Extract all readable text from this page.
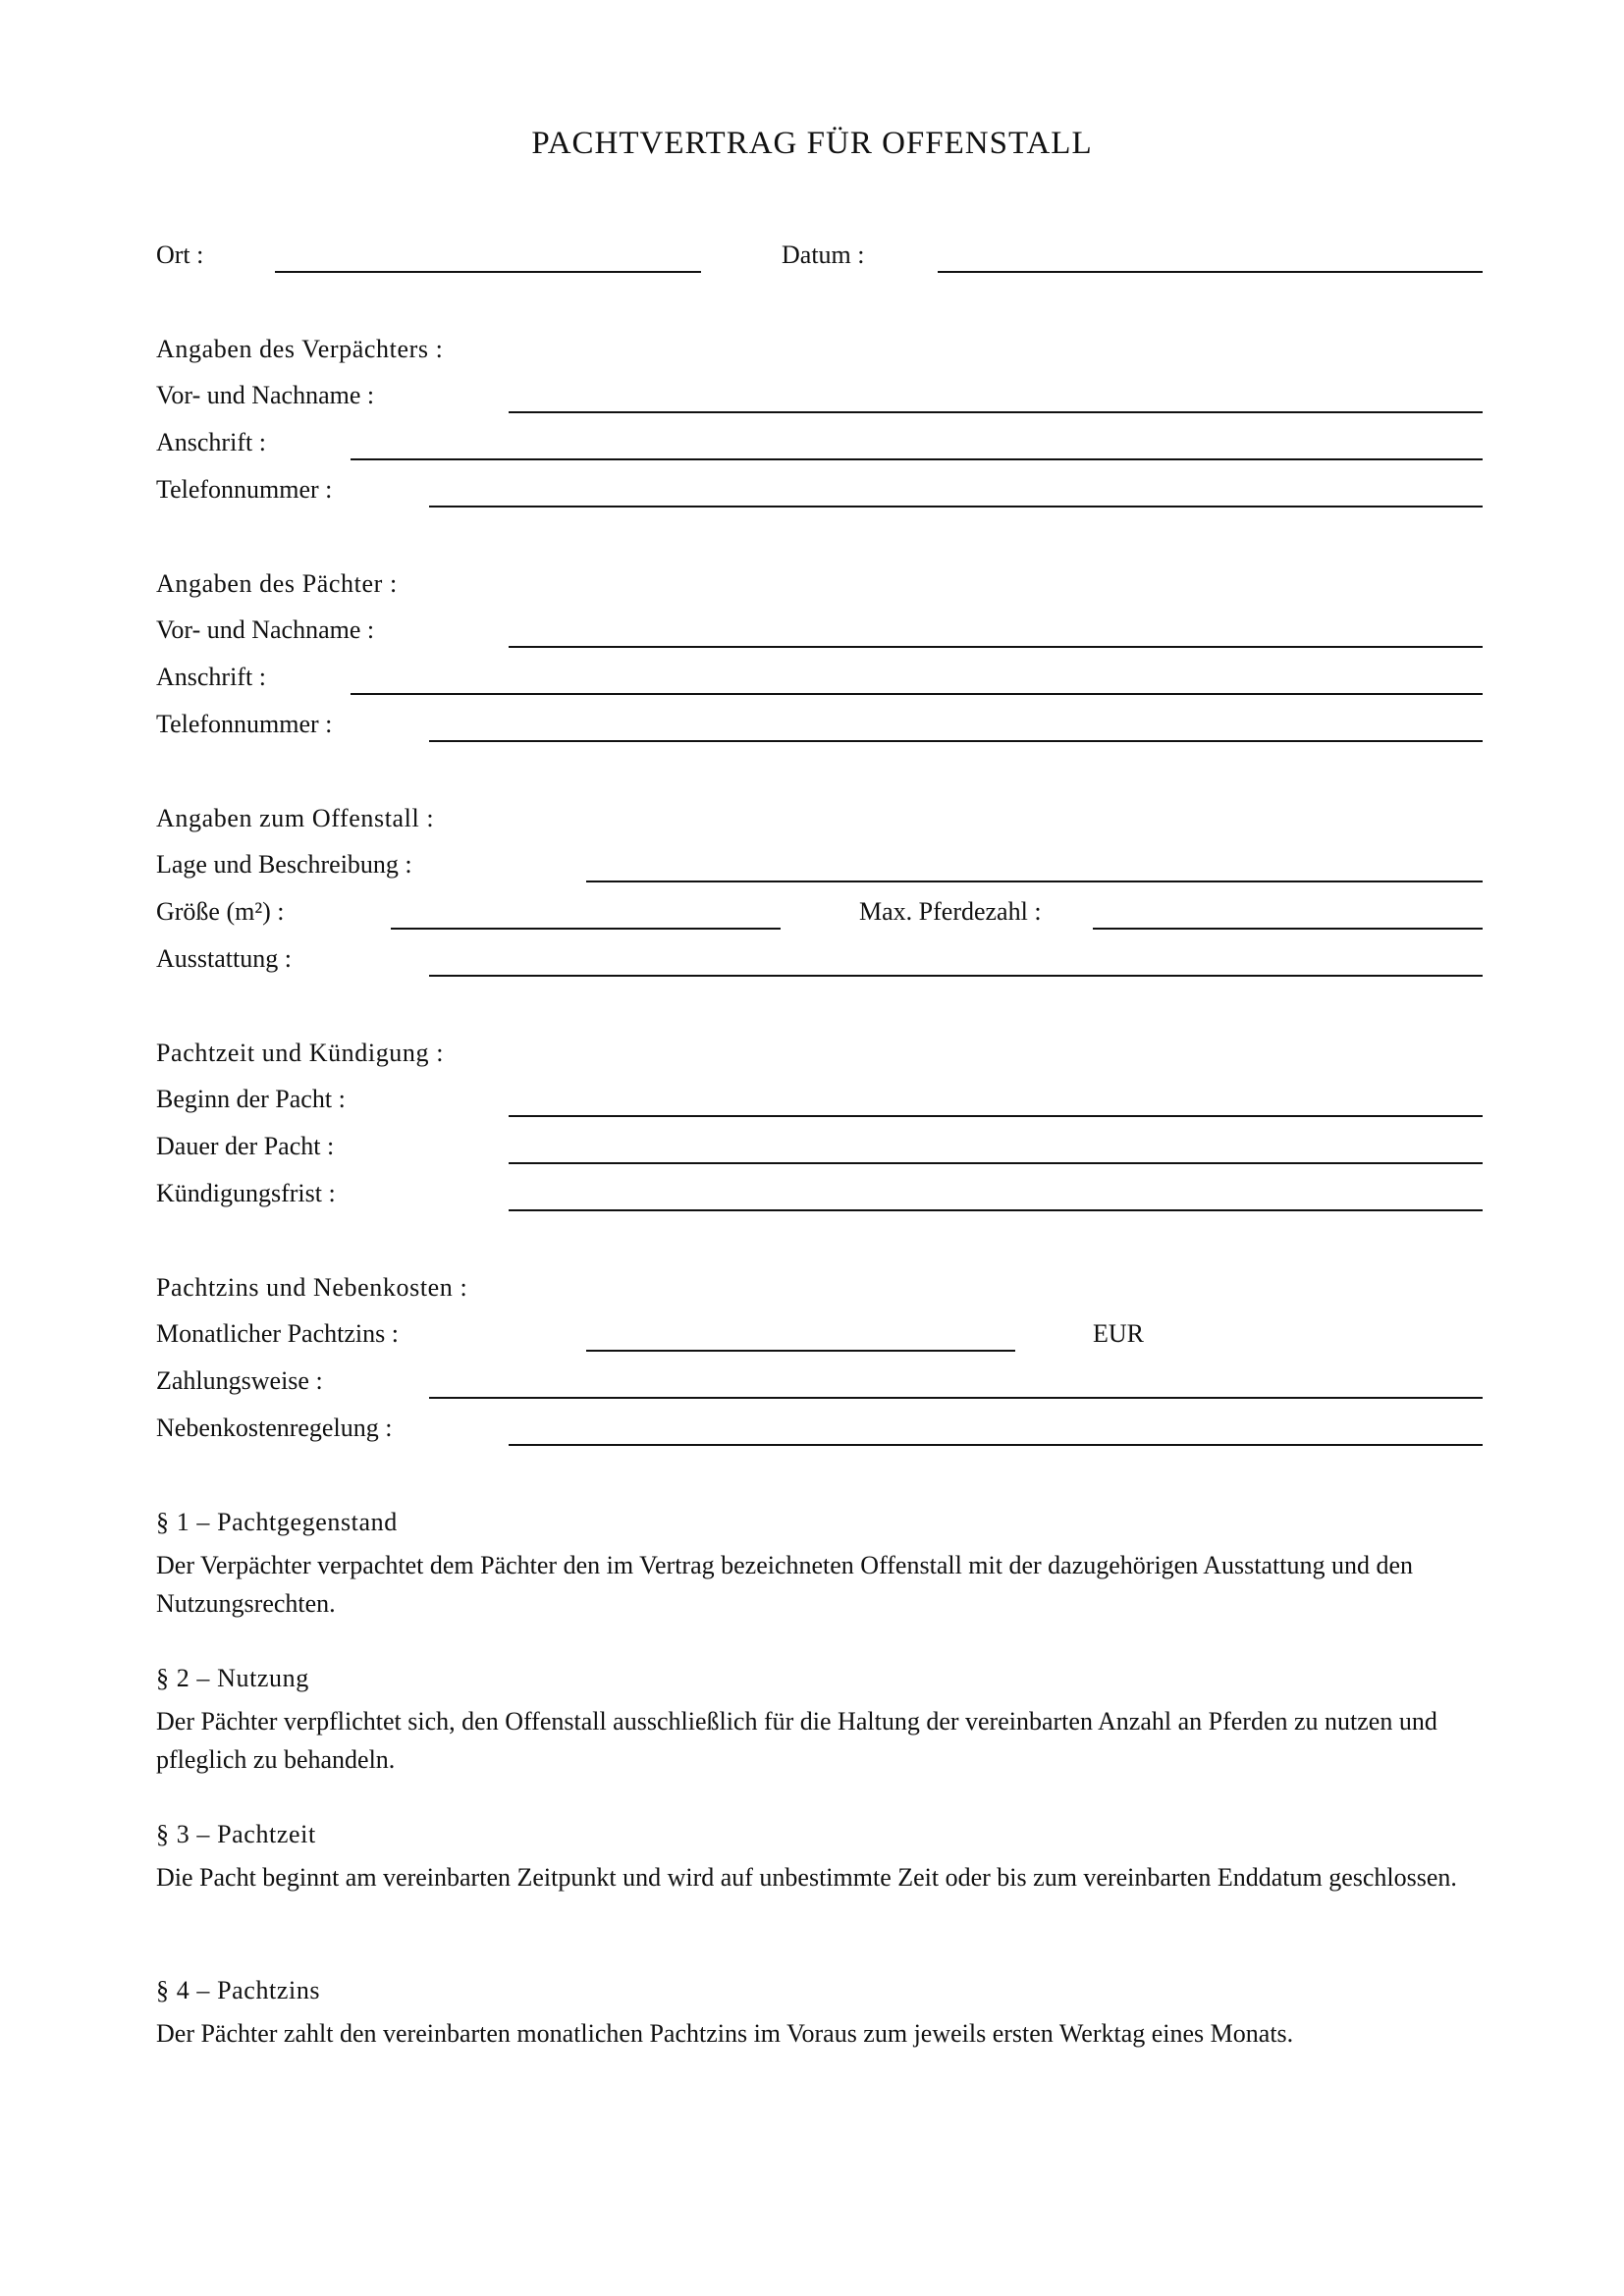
PACHTVERTRAG FÜR OFFENSTALL
Ort :	Datum :
Angaben des Verpächters :
Vor- und Nachname :
Anschrift :
Telefonnummer :
Angaben des Pächter :
Vor- und Nachname :
Anschrift :
Telefonnummer :
Angaben zum Offenstall :
Lage und Beschreibung :
Größe (m²) :	Max. Pferdezahl :
Ausstattung :
Pachtzeit und Kündigung :
Beginn der Pacht :
Dauer der Pacht :
Kündigungsfrist :
Pachtzins und Nebenkosten :
Monatlicher Pachtzins :	EUR
Zahlungsweise :
Nebenkostenregelung :
§ 1 – Pachtgegenstand
Der Verpächter verpachtet dem Pächter den im Vertrag bezeichneten Offenstall mit der dazugehörigen Ausstattung und den Nutzungsrechten.
§ 2 – Nutzung
Der Pächter verpflichtet sich, den Offenstall ausschließlich für die Haltung der vereinbarten Anzahl an Pferden zu nutzen und pfleglich zu behandeln.
§ 3 – Pachtzeit
Die Pacht beginnt am vereinbarten Zeitpunkt und wird auf unbestimmte Zeit oder bis zum vereinbarten Enddatum geschlossen.
§ 4 – Pachtzins
Der Pächter zahlt den vereinbarten monatlichen Pachtzins im Voraus zum jeweils ersten Werktag eines Monats.
